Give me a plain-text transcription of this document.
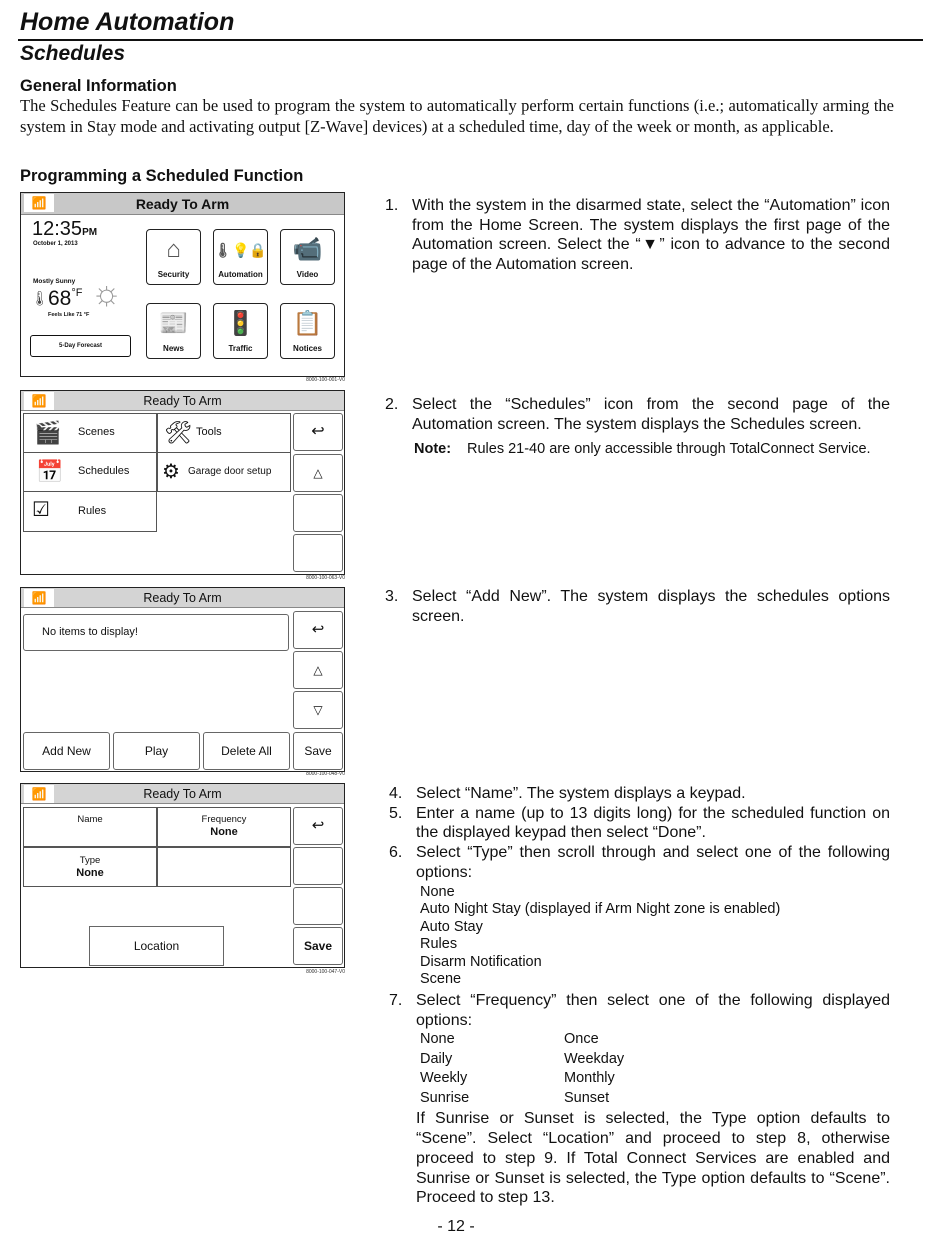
Home Automation
Schedules
General Information
The Schedules Feature can be used to program the system to automatically perform certain functions (i.e.; automatically arming the system in Stay mode and activating output [Z-Wave] devices) at a scheduled time, day of the week or month, as applicable.
Programming a Scheduled Function
📶	Ready To Arm
12:35PM
October 1, 2013
Mostly Sunny
🌡 $68^{^\circ F}$ ☼
Feels Like 71 °F
5-Day Forecast
⌂
Security
🌡💡🔒
Automation
📹
Video
📰
News
🚦
Traffic
📋
Notices
8000-100-001-V0
📶	Ready To Arm
🎬 Scenes 🛠 Tools
📅 Schedules ⚙ Garage door setup
☑	Rules
↩
△
8000-100-063-V0
📶	Ready To Arm
No items to display!	↩
△
▽
Add New	Play	Delete All	Save
8000-100-048-V0
📶	Ready To Arm
Name	Frequency
None
Type
None
Location
↩
Save
8000-100-047-V0
1. With the system in the disarmed state, select the “Automation” icon from the Home Screen. The system displays the first page of the Automation screen. Select the “▼” icon to advance to the second page of the Automation screen.
2. Select the “Schedules” icon from the second page of the Automation screen. The system displays the Schedules screen.
Note:	Rules 21-40 are only accessible through TotalConnect Service.
3. Select “Add New”. The system displays the schedules options screen.
4. Select “Name”. The system displays a keypad.
5. Enter a name (up to 13 digits long) for the scheduled function on the displayed keypad then select “Done”.
6. Select “Type” then scroll through and select one of the following options:
None
Auto Night Stay (displayed if Arm Night zone is enabled)
Auto Stay
Rules
Disarm Notification
Scene
7. Select “Frequency” then select one of the following displayed options:
None	Once
Daily	Weekday
Weekly	Monthly
Sunrise	Sunset
If Sunrise or Sunset is selected, the Type option defaults to “Scene”. Select “Location” and proceed to step 8, otherwise proceed to step 9. If Total Connect Services are enabled and Sunrise or Sunset is selected, the Type option defaults to “Scene”. Proceed to step 13.
- 12 -
